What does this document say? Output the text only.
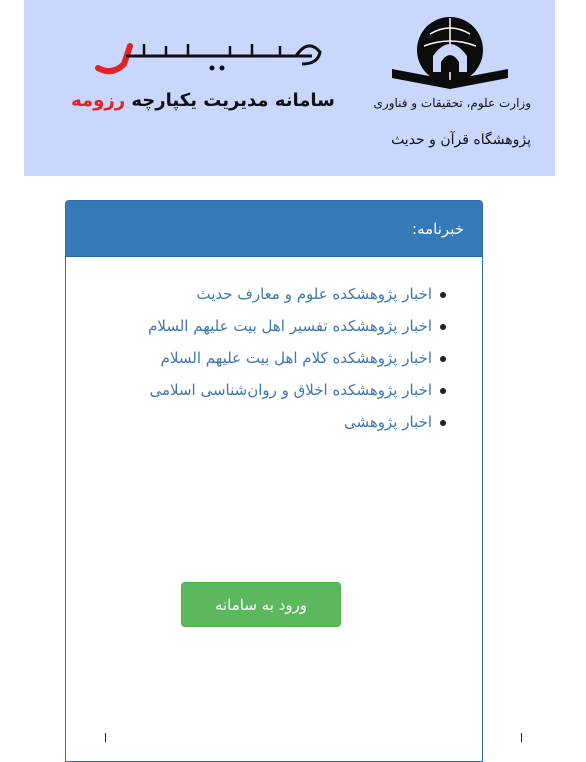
وزارت علوم، تحقیقات و فناوری
پژوهشگاه قرآن و حدیث
سامانه مدیریت یکپارچه رزومه
خبرنامه:
اخبار پژوهشکده علوم و معارف حدیث
اخبار پژوهشکده تفسیر اهل بیت علیهم السلام
اخبار پژوهشکده کلام اهل بیت علیهم السلام
اخبار پژوهشکده اخلاق و روان‌شناسی اسلامی
اخبار پژوهشی
ورود به سامانه
